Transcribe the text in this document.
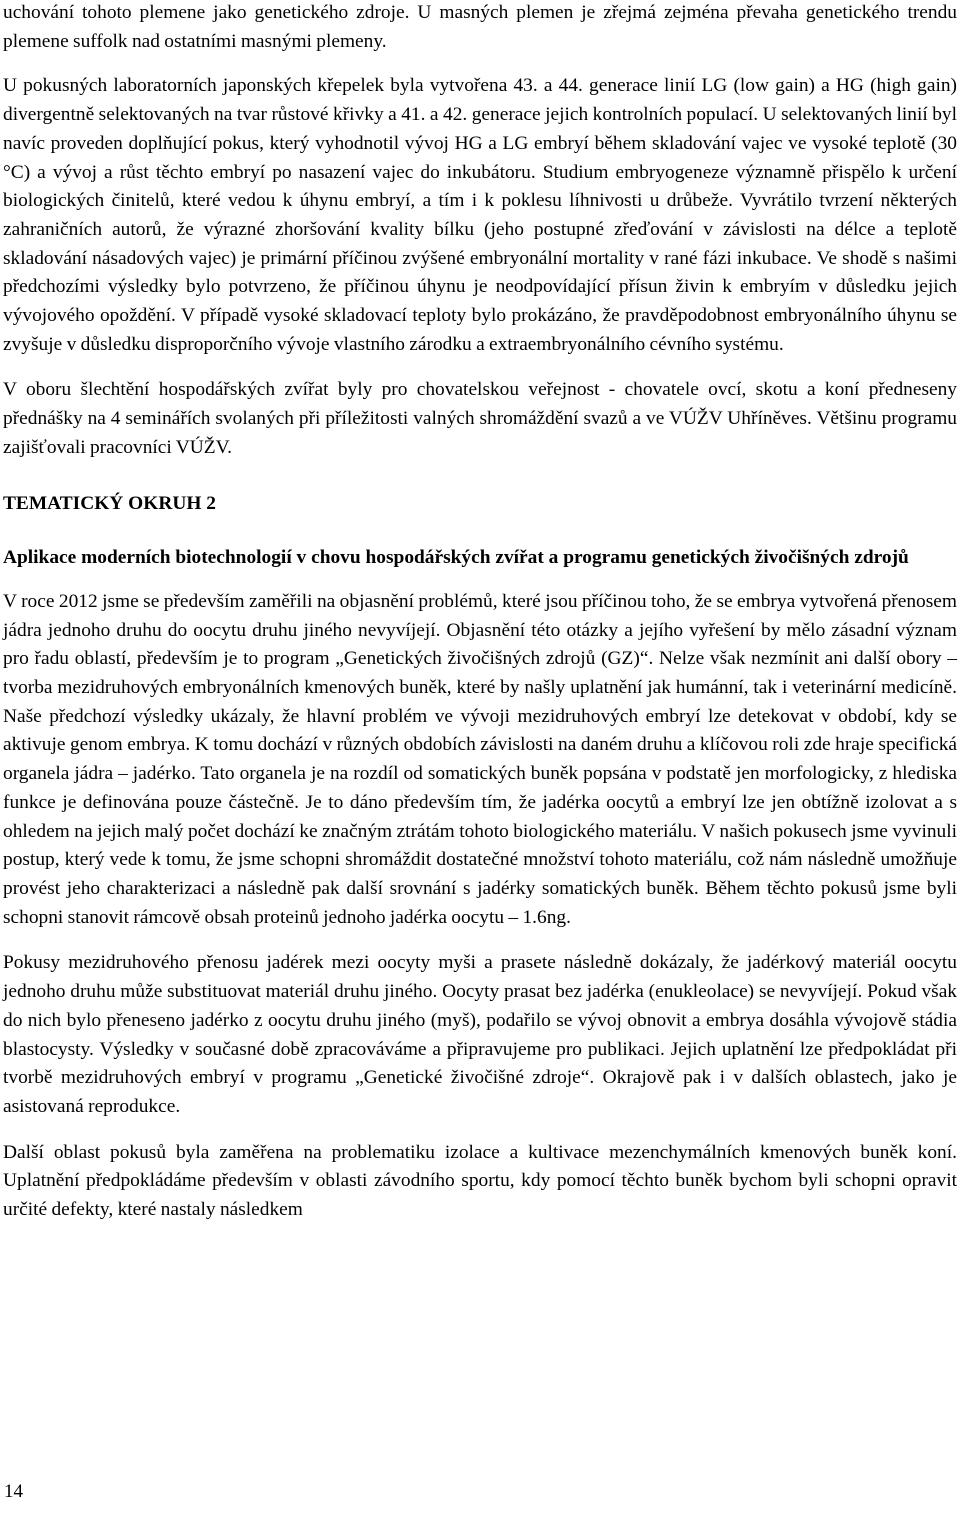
uchování tohoto plemene jako genetického zdroje. U masných plemen je zřejmá zejména převaha genetického trendu plemene suffolk nad ostatními masnými plemeny.

U pokusných laboratorních japonských křepelek byla vytvořena 43. a 44. generace linií LG (low gain) a HG (high gain) divergentně selektovaných na tvar růstové křivky a 41. a 42. generace jejich kontrolních populací. U selektovaných linií byl navíc proveden doplňující pokus, který vyhodnotil vývoj HG a LG embryí během skladování vajec ve vysoké teplotě (30 °C) a vývoj a růst těchto embryí po nasazení vajec do inkubátoru. Studium embryogeneze významně přispělo k určení biologických činitelů, které vedou k úhynu embryí, a tím i k poklesu líhnivosti u drůbeže. Vyvrátilo tvrzení některých zahraničních autorů, že výrazné zhoršování kvality bílku (jeho postupné zřeďování v závislosti na délce a teplotě skladování násadových vajec) je primární příčinou zvýšené embryonální mortality v rané fázi inkubace. Ve shodě s našimi předchozími výsledky bylo potvrzeno, že příčinou úhynu je neodpovídající přísun živin k embryím v důsledku jejich vývojového opoždění. V případě vysoké skladovací teploty bylo prokázáno, že pravděpodobnost embryonálního úhynu se zvyšuje v důsledku disproporčního vývoje vlastního zárodku a extraembryonálního cévního systému.

V oboru šlechtění hospodářských zvířat byly pro chovatelskou veřejnost - chovatele ovcí, skotu a koní předneseny přednášky na 4 seminářích svolaných při příležitosti valných shromáždění svazů a ve VÚŽV Uhříněves. Většinu programu zajišťovali pracovníci VÚŽV.

TEMATICKÝ OKRUH 2
Aplikace moderních biotechnologií v chovu hospodářských zvířat a programu genetických živočišných zdrojů

V roce 2012 jsme se především zaměřili na objasnění problémů, které jsou příčinou toho, že se embrya vytvořená přenosem jádra jednoho druhu do oocytu druhu jiného nevyvíjejí. Objasnění této otázky a jejího vyřešení by mělo zásadní význam pro řadu oblastí, především je to program „Genetických živočišných zdrojů (GZ)“. Nelze však nezmínit ani další obory – tvorba mezidruhových embryonálních kmenových buněk, které by našly uplatnění jak humánní, tak i veterinární medicíně. Naše předchozí výsledky ukázaly, že hlavní problém ve vývoji mezidruhových embryí lze detekovat v období, kdy se aktivuje genom embrya. K tomu dochází v různých obdobích závislosti na daném druhu a klíčovou roli zde hraje specifická organela jádra – jadérko. Tato organela je na rozdíl od somatických buněk popsána v podstatě jen morfologicky, z hlediska funkce je definována pouze částečně. Je to dáno především tím, že jadérka oocytů a embryí lze jen obtížně izolovat a s ohledem na jejich malý počet dochází ke značným ztrátám tohoto biologického materiálu. V našich pokusech jsme vyvinuli postup, který vede k tomu, že jsme schopni shromáždit dostatečné množství tohoto materiálu, což nám následně umožňuje provést jeho charakterizaci a následně pak další srovnání s jadérky somatických buněk. Během těchto pokusů jsme byli schopni stanovit rámcově obsah proteinů jednoho jadérka oocytu – 1.6ng.

Pokusy mezidruhového přenosu jadérek mezi oocyty myši a prasete následně dokázaly, že jadérkový materiál oocytu jednoho druhu může substituovat materiál druhu jiného. Oocyty prasat bez jadérka (enukleolace) se nevyvíjejí. Pokud však do nich bylo přeneseno jadérko z oocytu druhu jiného (myš), podařilo se vývoj obnovit a embrya dosáhla vývojově stádia blastocysty. Výsledky v současné době zpracováváme a připravujeme pro publikaci. Jejich uplatnění lze předpokládat při tvorbě mezidruhových embryí v programu „Genetické živočišné zdroje“. Okrajově pak i v dalších oblastech, jako je asistovaná reprodukce.

Další oblast pokusů byla zaměřena na problematiku izolace a kultivace mezenchymálních kmenových buněk koní. Uplatnění předpokládáme především v oblasti závodního sportu, kdy pomocí těchto buněk bychom byli schopni opravit určité defekty, které nastaly následkem

14
